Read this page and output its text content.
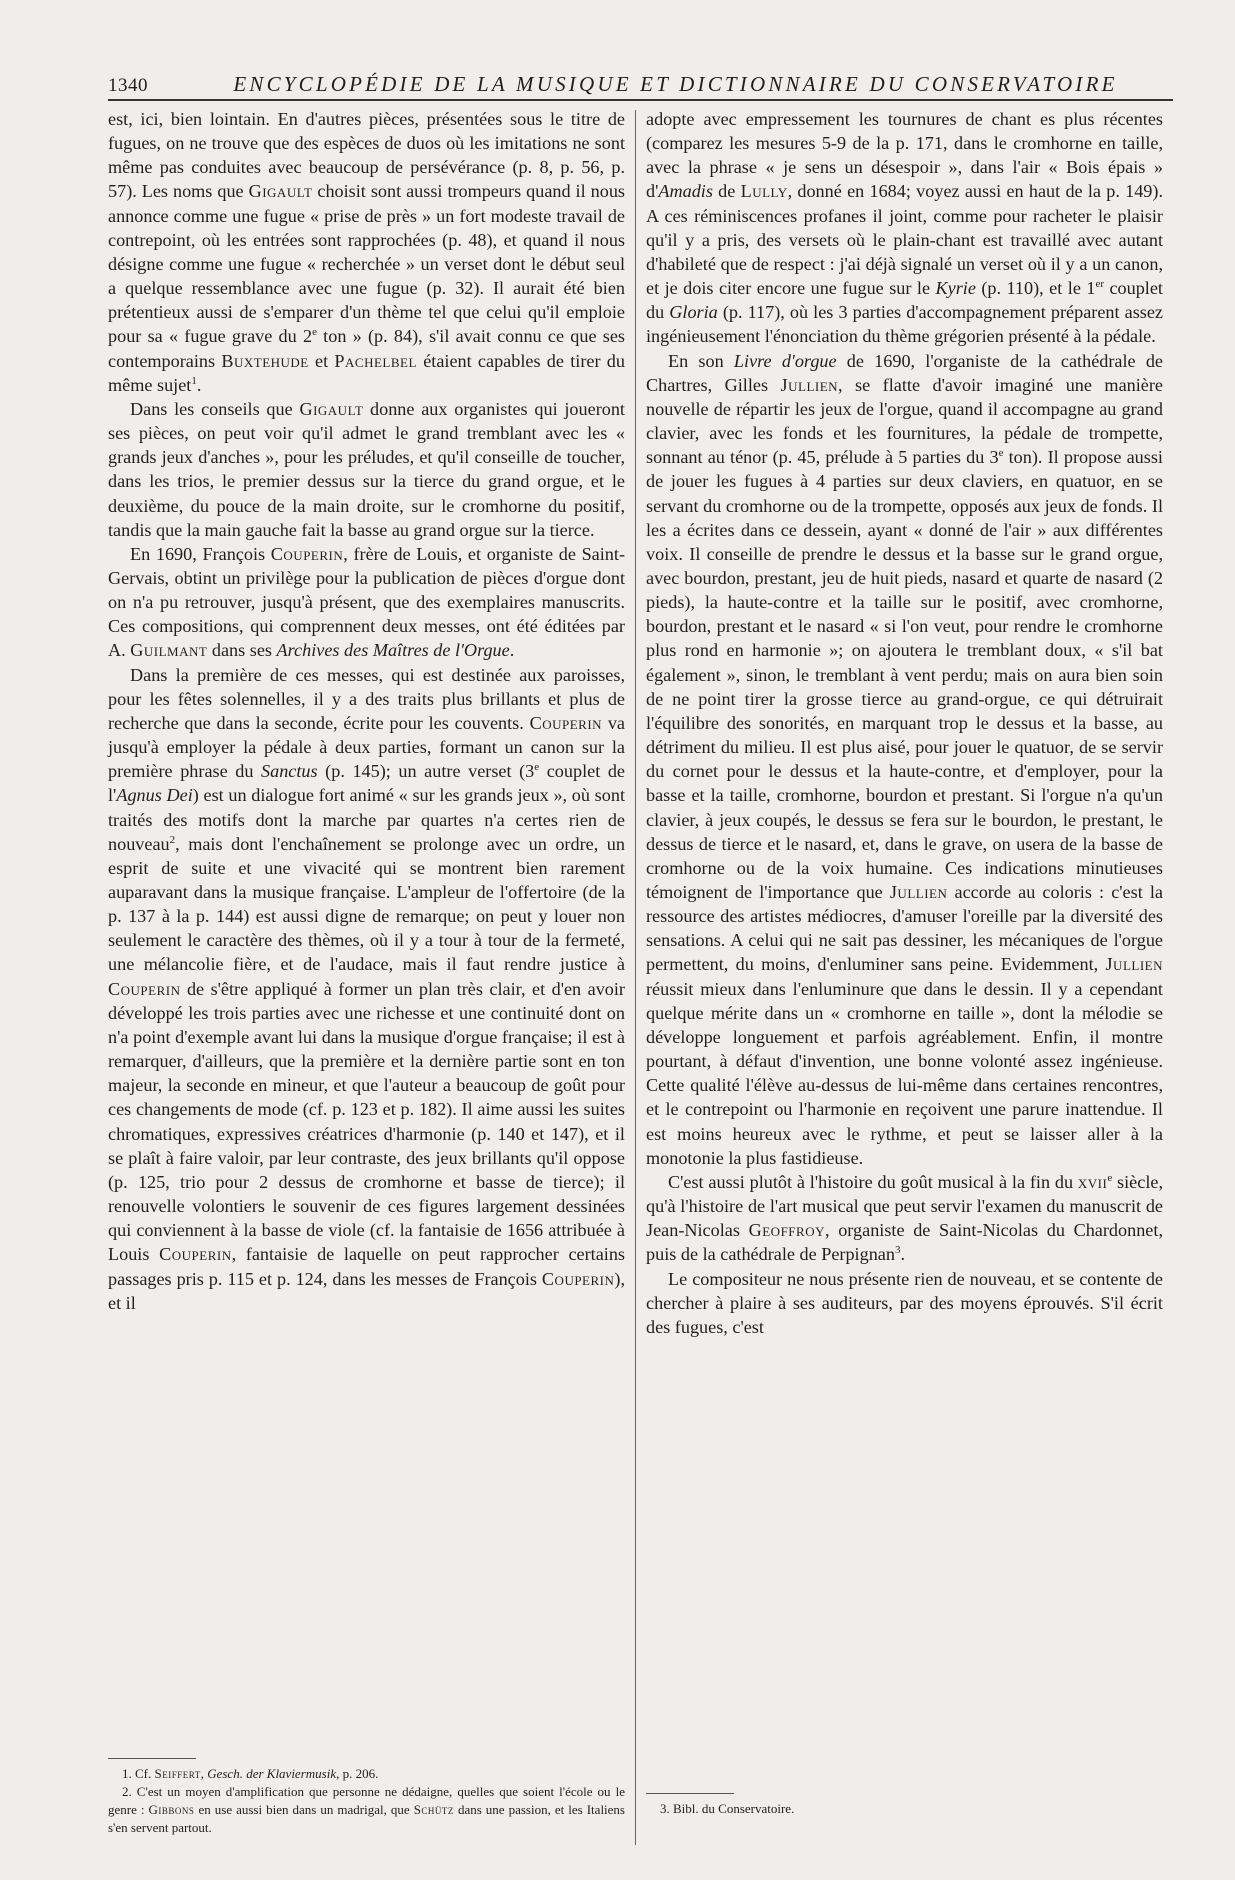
1340	ENCYCLOPÉDIE DE LA MUSIQUE ET DICTIONNAIRE DU CONSERVATOIRE

est, ici, bien lointain. En d'autres pièces, présentées sous le titre de fugues, on ne trouve que des espèces de duos où les imitations ne sont même pas conduites avec beaucoup de persévérance (p. 8, p. 56, p. 57). Les noms que Gigault choisit sont aussi trompeurs quand il nous annonce comme une fugue « prise de près » un fort modeste travail de contrepoint, où les entrées sont rapprochées (p. 48), et quand il nous désigne comme une fugue « recherchée » un verset dont le début seul a quelque ressemblance avec une fugue (p. 32). Il aurait été bien prétentieux aussi de s'emparer d'un thème tel que celui qu'il emploie pour sa « fugue grave du 2e ton » (p. 84), s'il avait connu ce que ses contemporains Buxtehude et Pachelbel étaient capables de tirer du même sujet$^1$.

Dans les conseils que Gigault donne aux organistes qui joueront ses pièces, on peut voir qu'il admet le grand tremblant avec les « grands jeux d'anches », pour les préludes, et qu'il conseille de toucher, dans les trios, le premier dessus sur la tierce du grand orgue, et le deuxième, du pouce de la main droite, sur le cromhorne du positif, tandis que la main gauche fait la basse au grand orgue sur la tierce.

En 1690, François Couperin, frère de Louis, et organiste de Saint-Gervais, obtint un privilège pour la publication de pièces d'orgue dont on n'a pu retrouver, jusqu'à présent, que des exemplaires manuscrits. Ces compositions, qui comprennent deux messes, ont été éditées par A. Guilmant dans ses Archives des Maîtres de l'Orgue.

Dans la première de ces messes, qui est destinée aux paroisses, pour les fêtes solennelles, il y a des traits plus brillants et plus de recherche que dans la seconde, écrite pour les couvents. Couperin va jusqu'à employer la pédale à deux parties, formant un canon sur la première phrase du Sanctus (p. 145); un autre verset (3e couplet de l'Agnus Dei) est un dialogue fort animé « sur les grands jeux », où sont traités des motifs dont la marche par quartes n'a certes rien de nouveau$^2$, mais dont l'enchaînement se prolonge avec un ordre, un esprit de suite et une vivacité qui se montrent bien rarement auparavant dans la musique française. L'ampleur de l'offertoire (de la p. 137 à la p. 144) est aussi digne de remarque; on peut y louer non seulement le caractère des thèmes, où il y a tour à tour de la fermeté, une mélancolie fière, et de l'audace, mais il faut rendre justice à Couperin de s'être appliqué à former un plan très clair, et d'en avoir développé les trois parties avec une richesse et une continuité dont on n'a point d'exemple avant lui dans la musique d'orgue française; il est à remarquer, d'ailleurs, que la première et la dernière partie sont en ton majeur, la seconde en mineur, et que l'auteur a beaucoup de goût pour ces changements de mode (cf. p. 123 et p. 182). Il aime aussi les suites chromatiques, expressives créatrices d'harmonie (p. 140 et 147), et il se plaît à faire valoir, par leur contraste, des jeux brillants qu'il oppose (p. 125, trio pour 2 dessus de cromhorne et basse de tierce); il renouvelle volontiers le souvenir de ces figures largement dessinées qui conviennent à la basse de viole (cf. la fantaisie de 1656 attribuée à Louis Couperin, fantaisie de laquelle on peut rapprocher certains passages pris p. 115 et p. 124, dans les messes de François Couperin), et il

1. Cf. Seiffert, Gesch. der Klaviermusik, p. 206.

2. C'est un moyen d'amplification que personne ne dédaigne, quelles que soient l'école ou le genre : Gibbons en use aussi bien dans un madrigal, que Schütz dans une passion, et les Italiens s'en servent partout.

adopte avec empressement les tournures de chant es plus récentes (comparez les mesures 5-9 de la p. 171, dans le cromhorne en taille, avec la phrase « je sens un désespoir », dans l'air « Bois épais » d'Amadis de Lully, donné en 1684; voyez aussi en haut de la p. 149). A ces réminiscences profanes il joint, comme pour racheter le plaisir qu'il y a pris, des versets où le plain-chant est travaillé avec autant d'habileté que de respect : j'ai déjà signalé un verset où il y a un canon, et je dois citer encore une fugue sur le Kyrie (p. 110), et le 1er couplet du Gloria (p. 117), où les 3 parties d'accompagnement préparent assez ingénieusement l'énonciation du thème grégorien présenté à la pédale.

En son Livre d'orgue de 1690, l'organiste de la cathédrale de Chartres, Gilles Jullien, se flatte d'avoir imaginé une manière nouvelle de répartir les jeux de l'orgue, quand il accompagne au grand clavier, avec les fonds et les fournitures, la pédale de trompette, sonnant au ténor (p. 45, prélude à 5 parties du 3e ton). Il propose aussi de jouer les fugues à 4 parties sur deux claviers, en quatuor, en se servant du cromhorne ou de la trompette, opposés aux jeux de fonds. Il les a écrites dans ce dessein, ayant « donné de l'air » aux différentes voix. Il conseille de prendre le dessus et la basse sur le grand orgue, avec bourdon, prestant, jeu de huit pieds, nasard et quarte de nasard (2 pieds), la haute-contre et la taille sur le positif, avec cromhorne, bourdon, prestant et le nasard « si l'on veut, pour rendre le cromhorne plus rond en harmonie »; on ajoutera le tremblant doux, « s'il bat également », sinon, le tremblant à vent perdu; mais on aura bien soin de ne point tirer la grosse tierce au grand-orgue, ce qui détruirait l'équilibre des sonorités, en marquant trop le dessus et la basse, au détriment du milieu. Il est plus aisé, pour jouer le quatuor, de se servir du cornet pour le dessus et la haute-contre, et d'employer, pour la basse et la taille, cromhorne, bourdon et prestant. Si l'orgue n'a qu'un clavier, à jeux coupés, le dessus se fera sur le bourdon, le prestant, le dessus de tierce et le nasard, et, dans le grave, on usera de la basse de cromhorne ou de la voix humaine. Ces indications minutieuses témoignent de l'importance que Jullien accorde au coloris : c'est la ressource des artistes médiocres, d'amuser l'oreille par la diversité des sensations. A celui qui ne sait pas dessiner, les mécaniques de l'orgue permettent, du moins, d'enluminer sans peine. Evidemment, Jullien réussit mieux dans l'enluminure que dans le dessin. Il y a cependant quelque mérite dans un « cromhorne en taille », dont la mélodie se développe longuement et parfois agréablement. Enfin, il montre pourtant, à défaut d'invention, une bonne volonté assez ingénieuse. Cette qualité l'élève au-dessus de lui-même dans certaines rencontres, et le contrepoint ou l'harmonie en reçoivent une parure inattendue. Il est moins heureux avec le rythme, et peut se laisser aller à la monotonie la plus fastidieuse.

C'est aussi plutôt à l'histoire du goût musical à la fin du xvii$^e$ siècle, qu'à l'histoire de l'art musical que peut servir l'examen du manuscrit de Jean-Nicolas Geoffroy, organiste de Saint-Nicolas du Chardonnet, puis de la cathédrale de Perpignan$^3$.

Le compositeur ne nous présente rien de nouveau, et se contente de chercher à plaire à ses auditeurs, par des moyens éprouvés. S'il écrit des fugues, c'est

3. Bibl. du Conservatoire.
